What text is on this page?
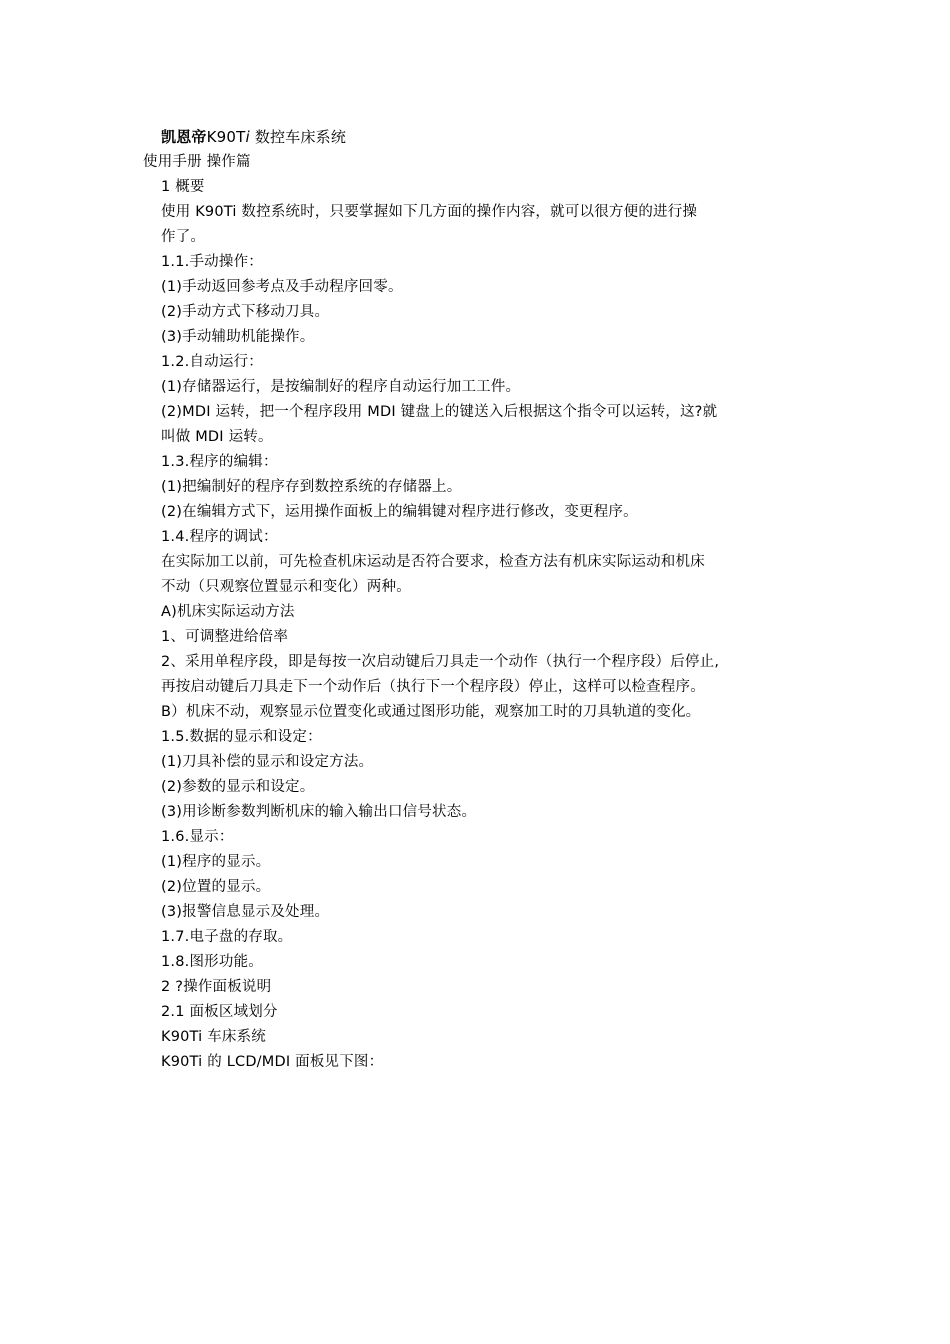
凯恩帝K90Ti 数控车床系统
使用手册 操作篇
1 概要
使用 K90Ti 数控系统时，只要掌握如下几方面的操作内容，就可以很方便的进行操
作了。
1.1.手动操作：
(1)手动返回参考点及手动程序回零。
(2)手动方式下移动刀具。
(3)手动辅助机能操作。
1.2.自动运行：
(1)存储器运行，是按编制好的程序自动运行加工工件。
(2)MDI 运转，把一个程序段用 MDI 键盘上的键送入后根据这个指令可以运转，这?就
叫做 MDI 运转。
1.3.程序的编辑：
(1)把编制好的程序存到数控系统的存储器上。
(2)在编辑方式下，运用操作面板上的编辑键对程序进行修改，变更程序。
1.4.程序的调试：
在实际加工以前，可先检查机床运动是否符合要求，检查方法有机床实际运动和机床
不动（只观察位置显示和变化）两种。
A)机床实际运动方法
1、可调整进给倍率
2、采用单程序段，即是每按一次启动键后刀具走一个动作（执行一个程序段）后停止,
再按启动键后刀具走下一个动作后（执行下一个程序段）停止，这样可以检查程序。
B）机床不动，观察显示位置变化或通过图形功能，观察加工时的刀具轨道的变化。
1.5.数据的显示和设定：
(1)刀具补偿的显示和设定方法。
(2)参数的显示和设定。
(3)用诊断参数判断机床的输入输出口信号状态。
1.6.显示：
(1)程序的显示。
(2)位置的显示。
(3)报警信息显示及处理。
1.7.电子盘的存取。
1.8.图形功能。
2 ?操作面板说明
2.1 面板区域划分
K90Ti 车床系统
K90Ti 的 LCD/MDI 面板见下图：
